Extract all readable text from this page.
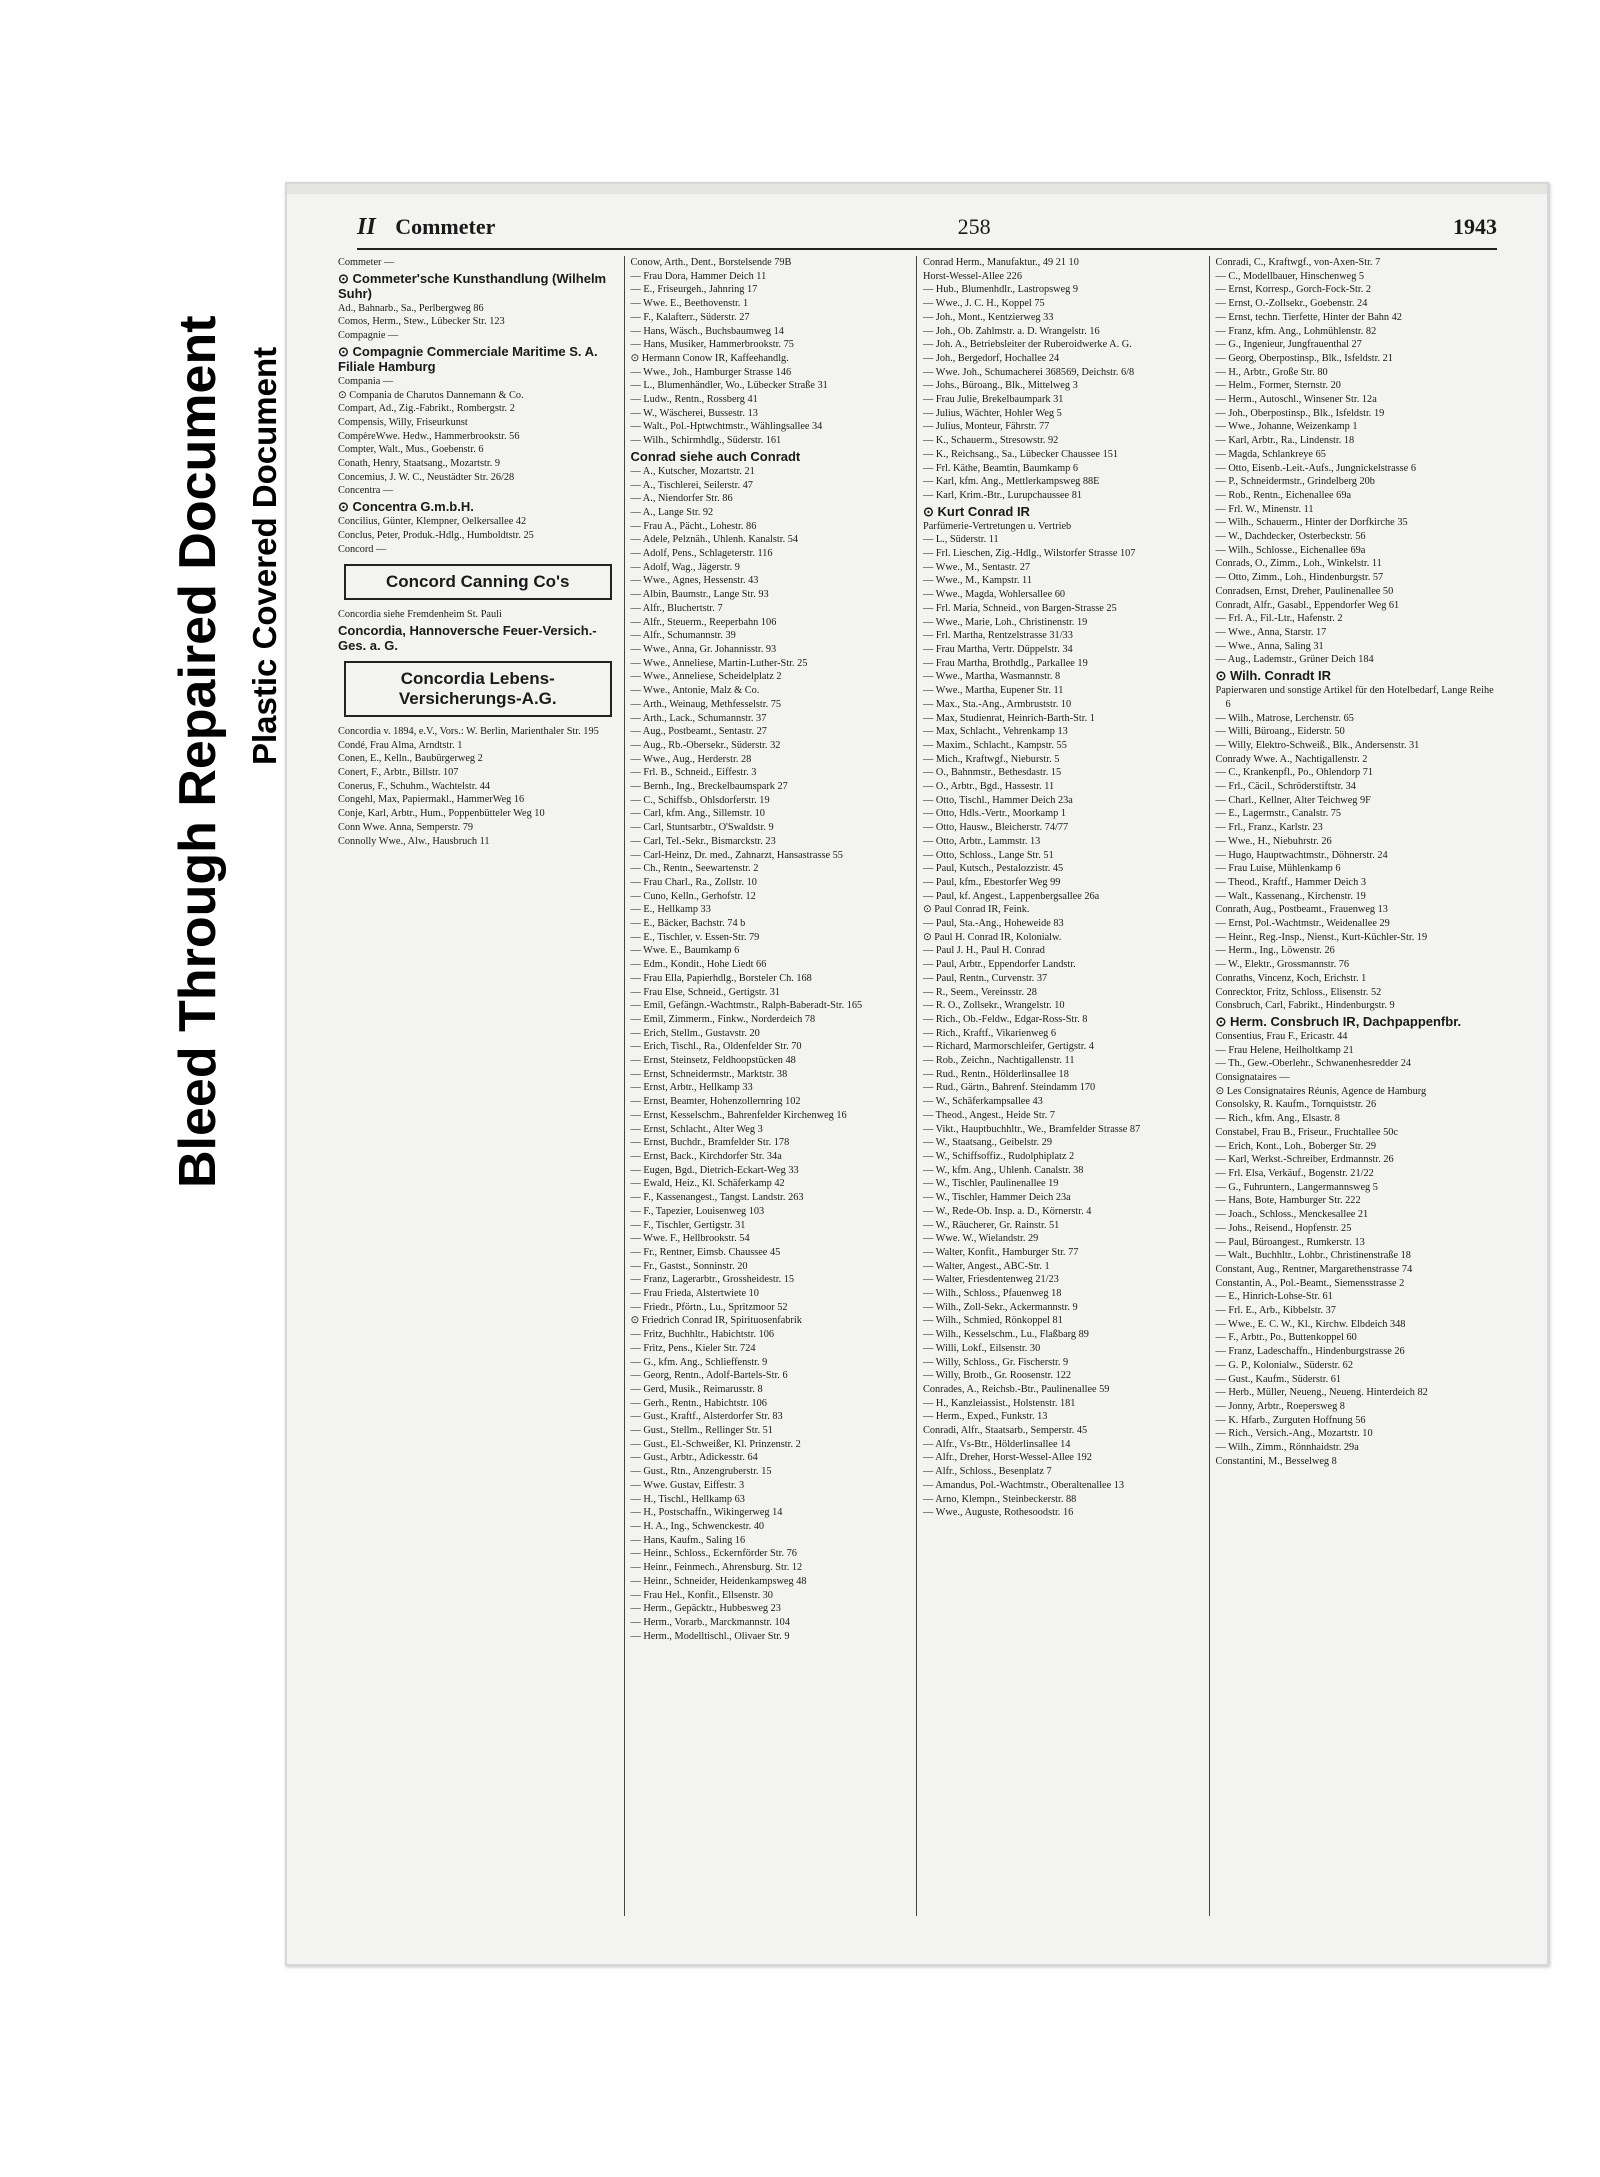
Bleed Through Repaired Document Plastic Covered Document
II Commeter	258	1943

Commeter —

⊙ Commeter'sche Kunsthandlung (Wilhelm Suhr)

Ad., Bahnarb., Sa., Perlbergweg 86

Comos, Herm., Stew., Lübecker Str. 123

Compagnie —

⊙ Compagnie Commerciale Maritime S. A. Filiale Hamburg

Compania —

⊙ Compania de Charutos Dannemann & Co.

Compart, Ad., Zig.-Fabrikt., Rombergstr. 2

Compensis, Willy, Friseurkunst

CompèreWwe. Hedw., Hammerbrookstr. 56

Compter, Walt., Mus., Goebenstr. 6

Conath, Henry, Staatsang., Mozartstr. 9

Concemius, J. W. C., Neustädter Str. 26/28

Concentra —

⊙ Concentra G.m.b.H.

Concilius, Günter, Klempner, Oelkersallee 42

Conclus, Peter, Produk.-Hdlg., Humboldtstr. 25

Concord —

Concord Canning Co's

Concordia siehe Fremdenheim St. Pauli

Concordia, Hannoversche Feuer-Versich.-Ges. a. G.

Concordia Lebens-Versicherungs-A.G.

Concordia v. 1894, e.V., Vors.: W. Berlin, Marienthaler Str. 195

Condé, Frau Alma, Arndtstr. 1

Conen, E., Kelln., Baubürgerweg 2

Conert, F., Arbtr., Billstr. 107

Conerus, F., Schuhm., Wachtelstr. 44

Congehl, Max, Papiermakl., HammerWeg 16

Conje, Karl, Arbtr., Hum., Poppenbütteler Weg 10

Conn Wwe. Anna, Semperstr. 79

Connolly Wwe., Alw., Hausbruch 11

Conow, Arth., Dent., Borstelsende 79B

— Frau Dora, Hammer Deich 11

— E., Friseurgeh., Jahnring 17

— Wwe. E., Beethovenstr. 1

— F., Kalafterr., Süderstr. 27

— Hans, Wäsch., Buchsbaumweg 14

— Hans, Musiker, Hammerbrookstr. 75

⊙ Hermann Conow IR, Kaffeehandlg.

— Wwe., Joh., Hamburger Strasse 146

— L., Blumenhändler, Wo., Lübecker Straße 31

— Ludw., Rentn., Rossberg 41

— W., Wäscherei, Bussestr. 13

— Walt., Pol.-Hptwchtmstr., Wählingsallee 34

— Wilh., Schirmhdlg., Süderstr. 161

Conrad siehe auch Conradt

— A., Kutscher, Mozartstr. 21

— A., Tischlerei, Seilerstr. 47

— A., Niendorfer Str. 86

— A., Lange Str. 92

— Frau A., Pächt., Lohestr. 86

— Adele, Pelznäh., Uhlenh. Kanalstr. 54

— Adolf, Pens., Schlageterstr. 116

— Adolf, Wag., Jägerstr. 9

— Wwe., Agnes, Hessenstr. 43

— Albin, Baumstr., Lange Str. 93

— Alfr., Bluchertstr. 7

— Alfr., Steuerm., Reeperbahn 106

— Alfr., Schumannstr. 39

— Wwe., Anna, Gr. Johannisstr. 93

— Wwe., Anneliese, Martin-Luther-Str. 25

— Wwe., Anneliese, Scheidelplatz 2

— Wwe., Antonie, Malz & Co.

— Arth., Weinaug, Methfesselstr. 75

— Arth., Lack., Schumannstr. 37

— Aug., Postbeamt., Sentastr. 27

— Aug., Rb.-Obersekr., Süderstr. 32

— Wwe., Aug., Herderstr. 28

— Frl. B., Schneid., Eiffestr. 3

— Bernh., Ing., Breckelbaumspark 27

— C., Schiffsb., Ohlsdorferstr. 19

— Carl, kfm. Ang., Sillemstr. 10

— Carl, Stuntsarbtr., O'Swaldstr. 9

— Carl, Tel.-Sekr., Bismarckstr. 23

— Carl-Heinz, Dr. med., Zahnarzt, Hansastrasse 55

— Ch., Rentn., Seewartenstr. 2

— Frau Charl., Ra., Zollstr. 10

— Cuno, Kelln., Gerhofstr. 12

— E., Hellkamp 33

— E., Bäcker, Bachstr. 74 b

— E., Tischler, v. Essen-Str. 79

— Wwe. E., Baumkamp 6

— Edm., Kondit., Hohe Liedt 66

— Frau Ella, Papierhdlg., Borsteler Ch. 168

— Frau Else, Schneid., Gertigstr. 31

— Emil, Gefängn.-Wachtmstr., Ralph-Baberadt-Str. 165

— Emil, Zimmerm., Finkw., Norderdeich 78

— Erich, Stellm., Gustavstr. 20

— Erich, Tischl., Ra., Oldenfelder Str. 70

— Ernst, Steinsetz, Feldhoopstücken 48

— Ernst, Schneidermstr., Marktstr. 38

— Ernst, Arbtr., Hellkamp 33

— Ernst, Beamter, Hohenzollernring 102

— Ernst, Kesselschm., Bahrenfelder Kirchenweg 16

— Ernst, Schlacht., Alter Weg 3

— Ernst, Buchdr., Bramfelder Str. 178

— Ernst, Back., Kirchdorfer Str. 34a

— Eugen, Bgd., Dietrich-Eckart-Weg 33

— Ewald, Heiz., Kl. Schäferkamp 42

— F., Kassenangest., Tangst. Landstr. 263

— F., Tapezier, Louisenweg 103

— F., Tischler, Gertigstr. 31

— Wwe. F., Hellbrookstr. 54

— Fr., Rentner, Eimsb. Chaussee 45

— Fr., Gastst., Sonninstr. 20

— Franz, Lagerarbtr., Grossheidestr. 15

— Frau Frieda, Alstertwiete 10

— Friedr., Pförtn., Lu., Spritzmoor 52

⊙ Friedrich Conrad IR, Spirituosenfabrik

— Fritz, Buchhltr., Habichtstr. 106

— Fritz, Pens., Kieler Str. 724

— G., kfm. Ang., Schlieffenstr. 9

— Georg, Rentn., Adolf-Bartels-Str. 6

— Gerd, Musik., Reimarusstr. 8

— Gerh., Rentn., Habichtstr. 106

— Gust., Kraftf., Alsterdorfer Str. 83

— Gust., Stellm., Rellinger Str. 51

— Gust., El.-Schweißer, Kl. Prinzenstr. 2

— Gust., Arbtr., Adickesstr. 64

— Gust., Rtn., Anzengruberstr. 15

— Wwe. Gustav, Eiffestr. 3

— H., Tischl., Hellkamp 63

— H., Postschaffn., Wikingerweg 14

— H. A., Ing., Schwenckestr. 40

— Hans, Kaufm., Saling 16

— Heinr., Schloss., Eckernförder Str. 76

— Heinr., Feinmech., Ahrensburg. Str. 12

— Heinr., Schneider, Heidenkampsweg 48

— Frau Hel., Konfit., Ellsenstr. 30

— Herm., Gepäcktr., Hubbesweg 23

— Herm., Vorarb., Marckmannstr. 104

— Herm., Modelltischl., Olivaer Str. 9

Conrad Herm., Manufaktur., 49 21 10

Horst-Wessel-Allee 226

— Hub., Blumenhdlr., Lastropsweg 9

— Wwe., J. C. H., Koppel 75

— Joh., Mont., Kentzierweg 33

— Joh., Ob. Zahlmstr. a. D. Wrangelstr. 16

— Joh. A., Betriebsleiter der Ruberoidwerke A. G.

— Joh., Bergedorf, Hochallee 24

— Wwe. Joh., Schumacherei 368569, Deichstr. 6/8

— Johs., Büroang., Blk., Mittelweg 3

— Frau Julie, Brekelbaumpark 31

— Julius, Wächter, Hohler Weg 5

— Julius, Monteur, Fährstr. 77

— K., Schauerm., Stresowstr. 92

— K., Reichsang., Sa., Lübecker Chaussee 151

— Frl. Käthe, Beamtin, Baumkamp 6

— Karl, kfm. Ang., Mettlerkampsweg 88E

— Karl, Krim.-Btr., Lurupchaussee 81

⊙ Kurt Conrad IR

Parfümerie-Vertretungen u. Vertrieb

— L., Süderstr. 11

— Frl. Lieschen, Zig.-Hdlg., Wilstorfer Strasse 107

— Wwe., M., Sentastr. 27

— Wwe., M., Kampstr. 11

— Wwe., Magda, Wohlersallee 60

— Frl. Maria, Schneid., von Bargen-Strasse 25

— Wwe., Marie, Loh., Christinenstr. 19

— Frl. Martha, Rentzelstrasse 31/33

— Frau Martha, Vertr. Düppelstr. 34

— Frau Martha, Brothdlg., Parkallee 19

— Wwe., Martha, Wasmannstr. 8

— Wwe., Martha, Eupener Str. 11

— Max., Sta.-Ang., Armbruststr. 10

— Max, Studienrat, Heinrich-Barth-Str. 1

— Max, Schlacht., Vehrenkamp 13

— Maxim., Schlacht., Kampstr. 55

— Mich., Kraftwgf., Nieburstr. 5

— O., Bahnmstr., Bethesdastr. 15

— O., Arbtr., Bgd., Hassestr. 11

— Otto, Tischl., Hammer Deich 23a

— Otto, Hdls.-Vertr., Moorkamp 1

— Otto, Hausw., Bleicherstr. 74/77

— Otto, Arbtr., Lammstr. 13

— Otto, Schloss., Lange Str. 51

— Paul, Kutsch., Pestalozzistr. 45

— Paul, kfm., Ebestorfer Weg 99

— Paul, kf. Angest., Lappenbergsallee 26a

⊙ Paul Conrad IR, Feink.

— Paul, Sta.-Ang., Hoheweide 83

⊙ Paul H. Conrad IR, Kolonialw.

— Paul J. H., Paul H. Conrad

— Paul, Arbtr., Eppendorfer Landstr.

— Paul, Rentn., Curvenstr. 37

— R., Seem., Vereinsstr. 28

— R. O., Zollsekr., Wrangelstr. 10

— Rich., Ob.-Feldw., Edgar-Ross-Str. 8

— Rich., Kraftf., Vikarienweg 6

— Richard, Marmorschleifer, Gertigstr. 4

— Rob., Zeichn., Nachtigallenstr. 11

— Rud., Rentn., Hölderlinsallee 18

— Rud., Gärtn., Bahrenf. Steindamm 170

— W., Schäferkampsallee 43

— Theod., Angest., Heide Str. 7

— Vikt., Hauptbuchhltr., We., Bramfelder Strasse 87

— W., Staatsang., Geibelstr. 29

— W., Schiffsoffiz., Rudolphiplatz 2

— W., kfm. Ang., Uhlenh. Canalstr. 38

— W., Tischler, Paulinenallee 19

— W., Tischler, Hammer Deich 23a

— W., Rede-Ob. Insp. a. D., Körnerstr. 4

— W., Räucherer, Gr. Rainstr. 51

— Wwe. W., Wielandstr. 29

— Walter, Konfit., Hamburger Str. 77

— Walter, Angest., ABC-Str. 1

— Walter, Friesdentenweg 21/23

— Wilh., Schloss., Pfauenweg 18

— Wilh., Zoll-Sekr., Ackermannstr. 9

— Wilh., Schmied, Rönkoppel 81

— Wilh., Kesselschm., Lu., Flaßbarg 89

— Willi, Lokf., Eilsenstr. 30

— Willy, Schloss., Gr. Fischerstr. 9

— Willy, Brotb., Gr. Roosenstr. 122

Conrades, A., Reichsb.-Btr., Paulinenallee 59

— H., Kanzleiassist., Holstenstr. 181

— Herm., Exped., Funkstr. 13

Conradi, Alfr., Staatsarb., Semperstr. 45

— Alfr., Vs-Btr., Hölderlinsallee 14

— Alfr., Dreher, Horst-Wessel-Allee 192

— Alfr., Schloss., Besenplatz 7

— Amandus, Pol.-Wachtmstr., Oberaltenallee 13

— Arno, Klempn., Steinbeckerstr. 88

— Wwe., Auguste, Rothesoodstr. 16

Conradi, C., Kraftwgf., von-Axen-Str. 7

— C., Modellbauer, Hinschenweg 5

— Ernst, Korresp., Gorch-Fock-Str. 2

— Ernst, O.-Zollsekr., Goebenstr. 24

— Ernst, techn. Tierfette, Hinter der Bahn 42

— Franz, kfm. Ang., Lohmühlenstr. 82

— G., Ingenieur, Jungfrauenthal 27

— Georg, Oberpostinsp., Blk., Isfeldstr. 21

— H., Arbtr., Große Str. 80

— Helm., Former, Sternstr. 20

— Herm., Autoschl., Winsener Str. 12a

— Joh., Oberpostinsp., Blk., Isfeldstr. 19

— Wwe., Johanne, Weizenkamp 1

— Karl, Arbtr., Ra., Lindenstr. 18

— Magda, Schlankreye 65

— Otto, Eisenb.-Leit.-Aufs., Jungnickelstrasse 6

— P., Schneidermstr., Grindelberg 20b

— Rob., Rentn., Eichenallee 69a

— Frl. W., Minenstr. 11

— Wilh., Schauerm., Hinter der Dorfkirche 35

— W., Dachdecker, Osterbeckstr. 56

— Wilh., Schlosse., Eichenallee 69a

Conrads, O., Zimm., Loh., Winkelstr. 11

— Otto, Zimm., Loh., Hindenburgstr. 57

Conradsen, Ernst, Dreher, Paulinenallee 50

Conradt, Alfr., Gasabl., Eppendorfer Weg 61

— Frl. A., Fil.-Ltr., Hafenstr. 2

— Wwe., Anna, Starstr. 17

— Wwe., Anna, Saling 31

— Aug., Lademstr., Grüner Deich 184

⊙ Wilh. Conradt IR

Papierwaren und sonstige Artikel für den Hotelbedarf, Lange Reihe 6

— Wilh., Matrose, Lerchenstr. 65

— Willi, Büroang., Eiderstr. 50

— Willy, Elektro-Schweiß., Blk., Andersenstr. 31

Conrady Wwe. A., Nachtigallenstr. 2

— C., Krankenpfl., Po., Ohlendorp 71

— Frl., Cäcil., Schröderstiftstr. 34

— Charl., Kellner, Alter Teichweg 9F

— E., Lagermstr., Canalstr. 75

— Frl., Franz., Karlstr. 23

— Wwe., H., Niebuhrstr. 26

— Hugo, Hauptwachtmstr., Döhnerstr. 24

— Frau Luise, Mühlenkamp 6

— Theod., Kraftf., Hammer Deich 3

— Walt., Kassenang., Kirchenstr. 19

Conrath, Aug., Postbeamt., Frauenweg 13

— Ernst, Pol.-Wachtmstr., Weidenallee 29

— Heinr., Reg.-Insp., Nienst., Kurt-Küchler-Str. 19

— Herm., Ing., Löwenstr. 26

— W., Elektr., Grossmannstr. 76

Conraths, Vincenz, Koch, Erichstr. 1

Conrecktor, Fritz, Schloss., Elisenstr. 52

Consbruch, Carl, Fabrikt., Hindenburgstr. 9

⊙ Herm. Consbruch IR, Dachpappenfbr.

Consentius, Frau F., Ericastr. 44

— Frau Helene, Heilholtkamp 21

— Th., Gew.-Oberlehr., Schwanenhesredder 24

Consignataires —

⊙ Les Consignataires Réunis, Agence de Hamburg

Consolsky, R. Kaufm., Tornquiststr. 26

— Rich., kfm. Ang., Elsastr. 8

Constabel, Frau B., Friseur., Fruchtallee 50c

— Erich, Kont., Loh., Boberger Str. 29

— Karl, Werkst.-Schreiber, Erdmannstr. 26

— Frl. Elsa, Verkäuf., Bogenstr. 21/22

— G., Fuhruntern., Langermannsweg 5

— Hans, Bote, Hamburger Str. 222

— Joach., Schloss., Menckesallee 21

— Johs., Reisend., Hopfenstr. 25

— Paul, Büroangest., Rumkerstr. 13

— Walt., Buchhltr., Lohbr., Christinenstraße 18

Constant, Aug., Rentner, Margarethenstrasse 74

Constantin, A., Pol.-Beamt., Siemensstrasse 2

— E., Hinrich-Lohse-Str. 61

— Frl. E., Arb., Kibbelstr. 37

— Wwe., E. C. W., Kl., Kirchw. Elbdeich 348

— F., Arbtr., Po., Buttenkoppel 60

— Franz, Ladeschaffn., Hindenburgstrasse 26

— G. P., Kolonialw., Süderstr. 62

— Gust., Kaufm., Süderstr. 61

— Herb., Müller, Neueng., Neueng. Hinterdeich 82

— Jonny, Arbtr., Roepersweg 8

— K. Hfarb., Zurguten Hoffnung 56

— Rich., Versich.-Ang., Mozartstr. 10

— Wilh., Zimm., Rönnhaidstr. 29a

Constantini, M., Besselweg 8
